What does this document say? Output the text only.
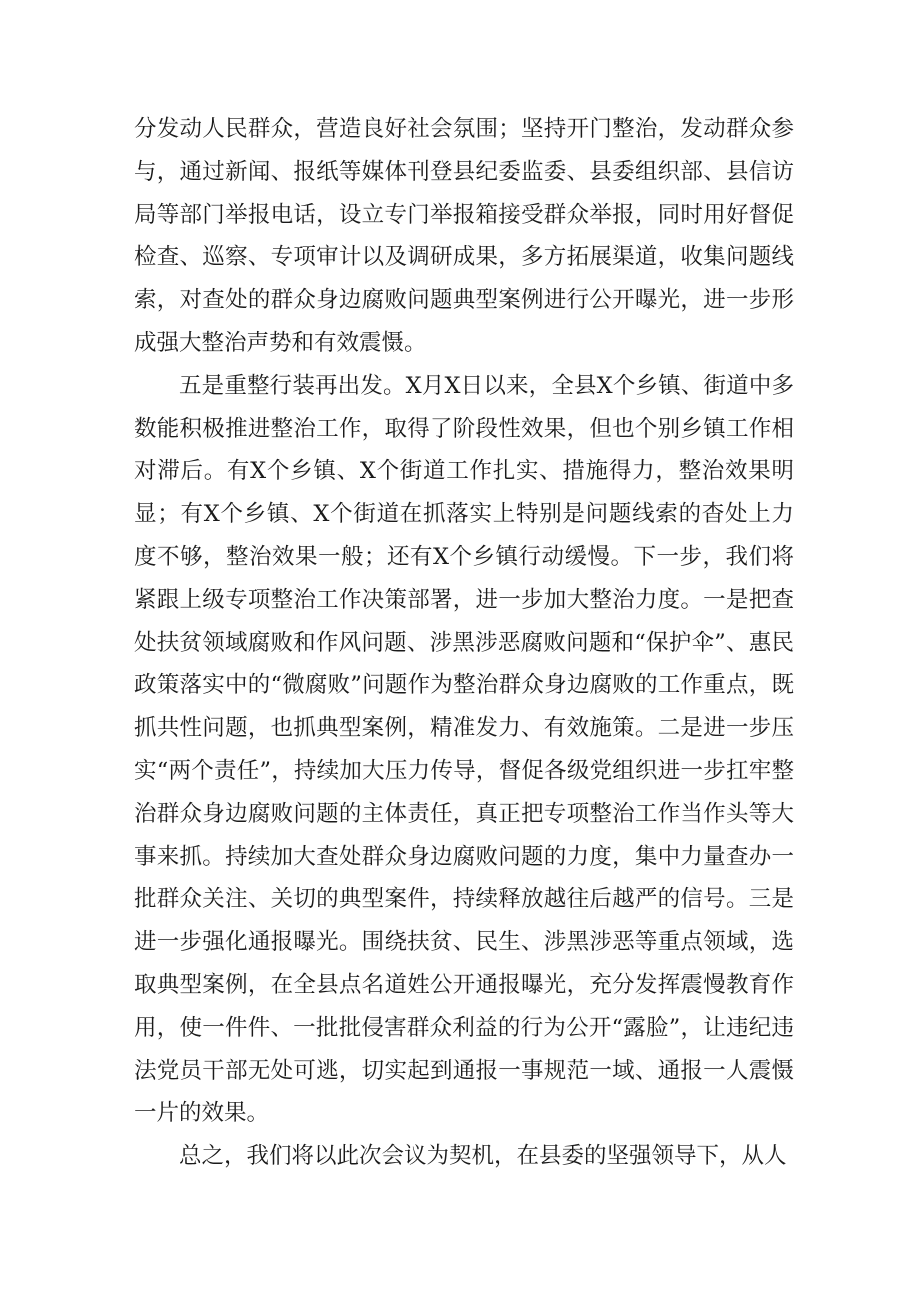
分发动人民群众，营造良好社会氛围；坚持开门整治，发动群众参与，通过新闻、报纸等媒体刊登县纪委监委、县委组织部、县信访局等部门举报电话，设立专门举报箱接受群众举报，同时用好督促检查、巡察、专项审计以及调研成果，多方拓展渠道，收集问题线索，对查处的群众身边腐败问题典型案例进行公开曝光，进一步形成强大整治声势和有效震慑。

五是重整行装再出发。X月X日以来，全县X个乡镇、街道中多数能积极推进整治工作，取得了阶段性效果，但也个别乡镇工作相对滞后。有X个乡镇、X个街道工作扎实、措施得力，整治效果明显；有X个乡镇、X个街道在抓落实上特别是问题线索的杳处上力度不够，整治效果一般；还有X个乡镇行动缓慢。下一步，我们将紧跟上级专项整治工作决策部署，进一步加大整治力度。一是把查处扶贫领域腐败和作风问题、涉黑涉恶腐败问题和“保护伞”、惠民政策落实中的“微腐败”问题作为整治群众身边腐败的工作重点，既抓共性问题，也抓典型案例，精准发力、有效施策。二是进一步压实“两个责任”，持续加大压力传导，督促各级党组织进一步扛牢整治群众身边腐败问题的主体责任，真正把专项整治工作当作头等大事来抓。持续加大查处群众身边腐败问题的力度，集中力量查办一批群众关注、关切的典型案件，持续释放越往后越严的信号。三是进一步强化通报曝光。围绕扶贫、民生、涉黑涉恶等重点领域，选取典型案例，在全县点名道姓公开通报曝光，充分发挥震慢教育作用，使一件件、一批批侵害群众利益的行为公开“露脸”，让违纪违法党员干部无处可逃，切实起到通报一事规范一域、通报一人震慑一片的效果。

总之，我们将以此次会议为契机，在县委的坚强领导下，从人
